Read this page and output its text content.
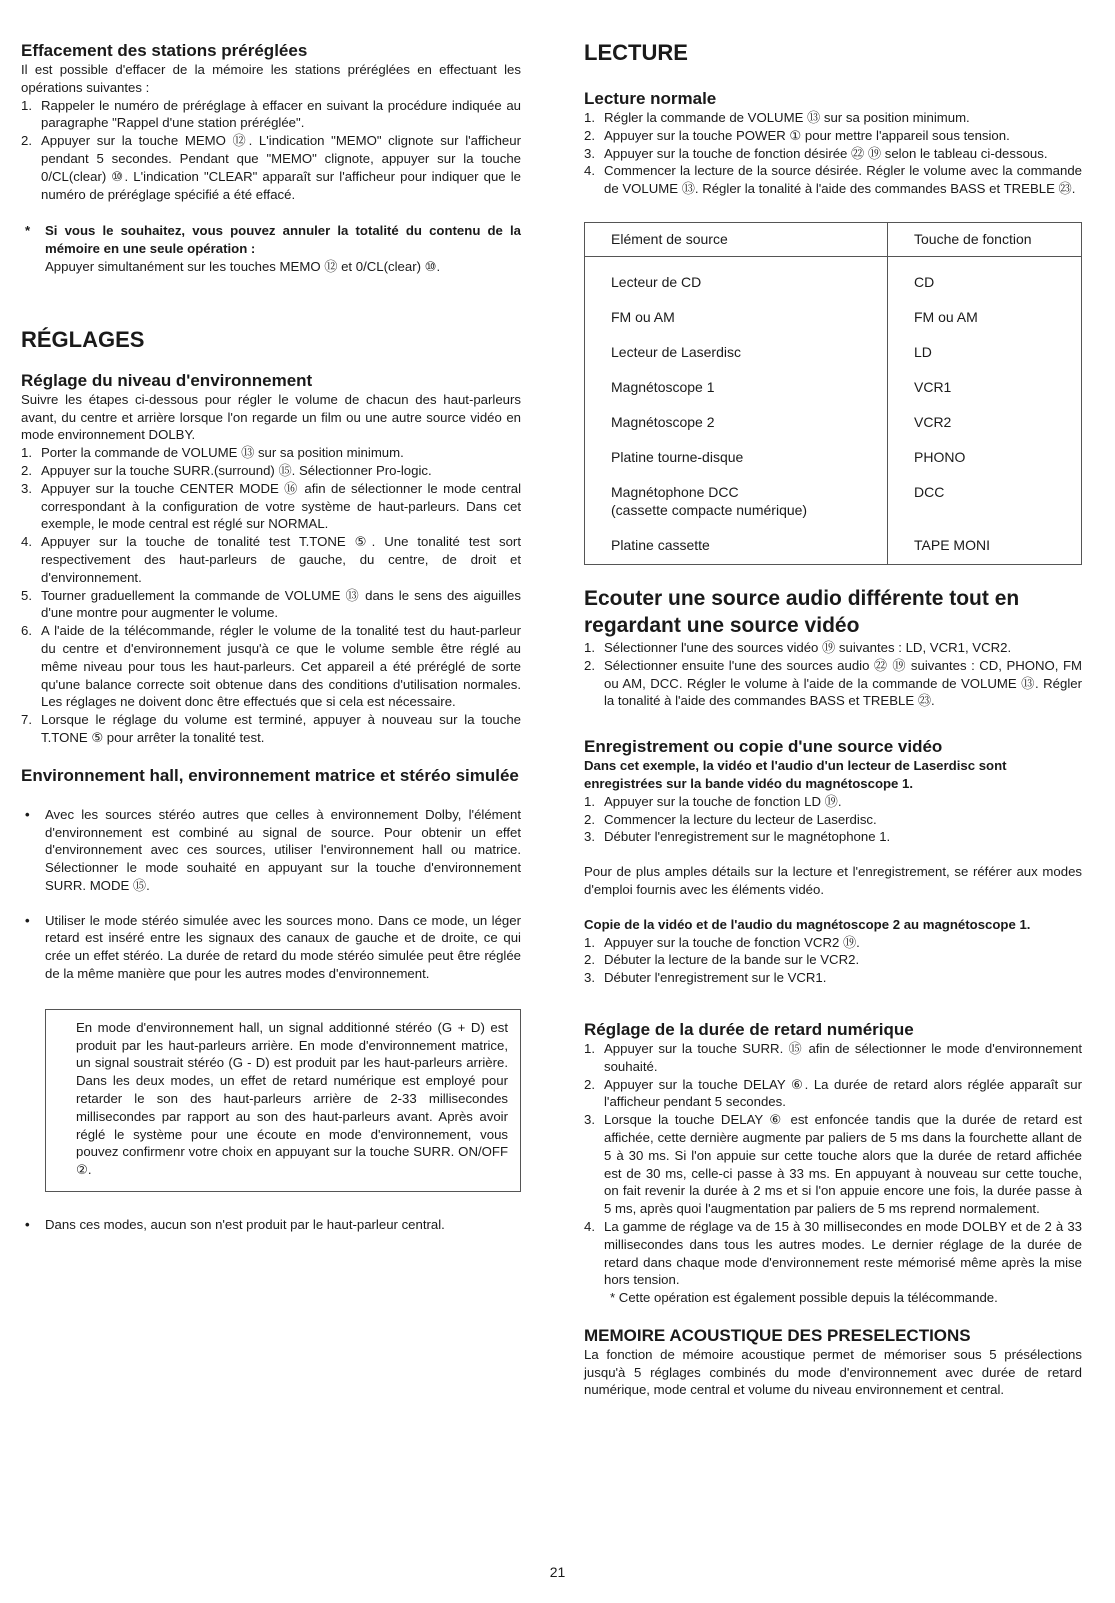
Effacement des stations préréglées

Il est possible d'effacer de la mémoire les stations préréglées en effectuant les opérations suivantes :

1. Rappeler le numéro de préréglage à effacer en suivant la procédure indiquée au paragraphe "Rappel d'une station préréglée".
2. Appuyer sur la touche MEMO ⑫. L'indication "MEMO" clignote sur l'afficheur pendant 5 secondes. Pendant que "MEMO" clignote, appuyer sur la touche 0/CL(clear) ⑩. L'indication "CLEAR" apparaît sur l'afficheur pour indiquer que le numéro de préréglage spécifié a été effacé.
* Si vous le souhaitez, vous pouvez annuler la totalité du contenu de la mémoire en une seule opération :
Appuyer simultanément sur les touches MEMO ⑫ et 0/CL(clear) ⑩.
RÉGLAGES
Réglage du niveau d'environnement

Suivre les étapes ci-dessous pour régler le volume de chacun des haut-parleurs avant, du centre et arrière lorsque l'on regarde un film ou une autre source vidéo en mode environnement DOLBY.

1. Porter la commande de VOLUME ⑬ sur sa position minimum.
2. Appuyer sur la touche SURR.(surround) ⑮. Sélectionner Pro-logic.
3. Appuyer sur la touche CENTER MODE ⑯ afin de sélectionner le mode central correspondant à la configuration de votre système de haut-parleurs. Dans cet exemple, le mode central est réglé sur NORMAL.
4. Appuyer sur la touche de tonalité test T.TONE ⑤. Une tonalité test sort respectivement des haut-parleurs de gauche, du centre, de droit et d'environnement.
5. Tourner graduellement la commande de VOLUME ⑬ dans le sens des aiguilles d'une montre pour augmenter le volume.
6. A l'aide de la télécommande, régler le volume de la tonalité test du haut-parleur du centre et d'environnement jusqu'à ce que le volume semble être réglé au même niveau pour tous les haut-parleurs. Cet appareil a été préréglé de sorte qu'une balance correcte soit obtenue dans des conditions d'utilisation normales. Les réglages ne doivent donc être effectués que si cela est nécessaire.
7. Lorsque le réglage du volume est terminé, appuyer à nouveau sur la touche T.TONE ⑤ pour arrêter la tonalité test.
Environnement hall, environnement matrice et stéréo simulée
• Avec les sources stéréo autres que celles à environnement Dolby, l'élément d'environnement est combiné au signal de source. Pour obtenir un effet d'environnement avec ces sources, utiliser l'environnement hall ou matrice. Sélectionner le mode souhaité en appuyant sur la touche d'environnement SURR. MODE ⑮.
• Utiliser le mode stéréo simulée avec les sources mono. Dans ce mode, un léger retard est inséré entre les signaux des canaux de gauche et de droite, ce qui crée un effet stéréo. La durée de retard du mode stéréo simulée peut être réglée de la même manière que pour les autres modes d'environnement.
En mode d'environnement hall, un signal additionné stéréo (G + D) est produit par les haut-parleurs arrière. En mode d'environnement matrice, un signal soustrait stéréo (G - D) est produit par les haut-parleurs arrière. Dans les deux modes, un effet de retard numérique est employé pour retarder le son des haut-parleurs arrière de 2-33 millisecondes millisecondes par rapport au son des haut-parleurs avant. Après avoir réglé le système pour une écoute en mode d'environnement, vous pouvez confirmenr votre choix en appuyant sur la touche SURR. ON/OFF ②.
• Dans ces modes, aucun son n'est produit par le haut-parleur central.
LECTURE
Lecture normale
1. Régler la commande de VOLUME ⑬ sur sa position minimum.
2. Appuyer sur la touche POWER ① pour mettre l'appareil sous tension.
3. Appuyer sur la touche de fonction désirée ㉒ ⑲ selon le tableau ci-dessous.
4. Commencer la lecture de la source désirée. Régler le volume avec la commande de VOLUME ⑬. Régler la tonalité à l'aide des commandes BASS et TREBLE ㉓.
Elément de source	Touche de fonction
Lecteur de CD	CD
FM ou AM	FM ou AM
Lecteur de Laserdisc	LD
Magnétoscope 1	VCR1
Magnétoscope 2	VCR2
Platine tourne-disque	PHONO
Magnétophone DCC
(cassette compacte numérique)	DCC
Platine cassette	TAPE MONI
Ecouter une source audio différente tout en regardant une source vidéo
1. Sélectionner l'une des sources vidéo ⑲ suivantes : LD, VCR1, VCR2.
2. Sélectionner ensuite l'une des sources audio ㉒ ⑲ suivantes : CD, PHONO, FM ou AM, DCC. Régler le volume à l'aide de la commande de VOLUME ⑬. Régler la tonalité à l'aide des commandes BASS et TREBLE ㉓.
Enregistrement ou copie d'une source vidéo

Dans cet exemple, la vidéo et l'audio d'un lecteur de Laserdisc sont enregistrées sur la bande vidéo du magnétoscope 1.

1. Appuyer sur la touche de fonction LD ⑲.
2. Commencer la lecture du lecteur de Laserdisc.
3. Débuter l'enregistrement sur le magnétophone 1.

Pour de plus amples détails sur la lecture et l'enregistrement, se référer aux modes d'emploi fournis avec les éléments vidéo.

Copie de la vidéo et de l'audio du magnétoscope 2 au magnétoscope 1.

1. Appuyer sur la touche de fonction VCR2 ⑲.
2. Débuter la lecture de la bande sur le VCR2.
3. Débuter l'enregistrement sur le VCR1.
Réglage de la durée de retard numérique
1. Appuyer sur la touche SURR. ⑮ afin de sélectionner le mode d'environnement souhaité.
2. Appuyer sur la touche DELAY ⑥. La durée de retard alors réglée apparaît sur l'afficheur pendant 5 secondes.
3. Lorsque la touche DELAY ⑥ est enfoncée tandis que la durée de retard est affichée, cette dernière augmente par paliers de 5 ms dans la fourchette allant de 5 à 30 ms. Si l'on appuie sur cette touche alors que la durée de retard affichée est de 30 ms, celle-ci passe à 33 ms. En appuyant à nouveau sur cette touche, on fait revenir la durée à 2 ms et si l'on appuie encore une fois, la durée passe à 5 ms, après quoi l'augmentation par paliers de 5 ms reprend normalement.
4. La gamme de réglage va de 15 à 30 millisecondes en mode DOLBY et de 2 à 33 millisecondes dans tous les autres modes. Le dernier réglage de la durée de retard dans chaque mode d'environnement reste mémorisé même après la mise hors tension.

* Cette opération est également possible depuis la télécommande.

MEMOIRE ACOUSTIQUE DES PRESELECTIONS

La fonction de mémoire acoustique permet de mémoriser sous 5 présélections jusqu'à 5 réglages combinés du mode d'environnement avec durée de retard numérique, mode central et volume du niveau environnement et central.

21
